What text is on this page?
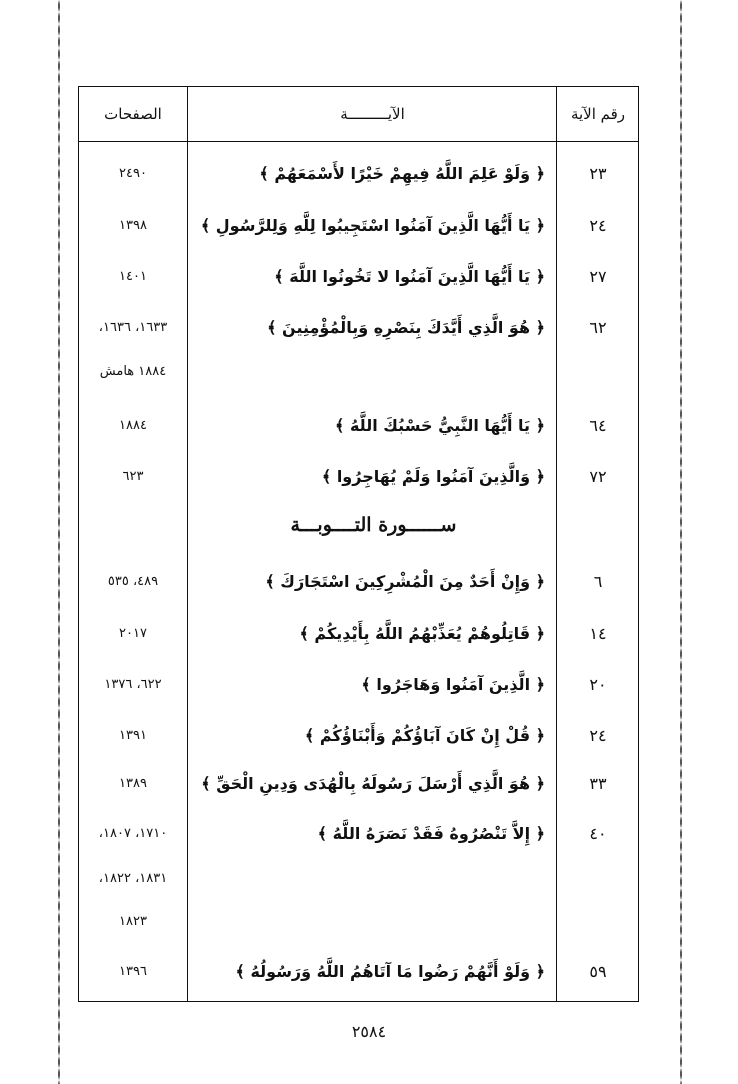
رقم الآية
الآيـــــــــة
الصفحات
٢٣
﴿ وَلَوْ عَلِمَ اللَّهُ فِيهِمْ خَيْرًا لأَسْمَعَهُمْ ﴾
٢٤٩٠
٢٤
﴿ يَا أَيُّهَا الَّذِينَ آمَنُوا اسْتَجِيبُوا لِلَّهِ وَلِلرَّسُولِ ﴾
١٣٩٨
٢٧
﴿ يَا أَيُّهَا الَّذِينَ آمَنُوا لا تَخُونُوا اللَّهَ ﴾
١٤٠١
٦٢
﴿ هُوَ الَّذِي أَيَّدَكَ بِنَصْرِهِ وَبِالْمُؤْمِنِينَ ﴾
١٦٣٣، ١٦٣٦،
١٨٨٤ هامش
٦٤
﴿ يَا أَيُّهَا النَّبِيُّ حَسْبُكَ اللَّهُ ﴾
١٨٨٤
٧٢
﴿ وَالَّذِينَ آمَنُوا وَلَمْ يُهَاجِرُوا ﴾
٦٢٣
ســــــورة التــــوبـــة
٦
﴿ وَإِنْ أَحَدٌ مِنَ الْمُشْرِكِينَ اسْتَجَارَكَ ﴾
٤٨٩، ٥٣٥
١٤
﴿ قَاتِلُوهُمْ يُعَذِّبْهُمُ اللَّهُ بِأَيْدِيكُمْ ﴾
٢٠١٧
٢٠
﴿ الَّذِينَ آمَنُوا وَهَاجَرُوا ﴾
٦٢٢، ١٣٧٦
٢٤
﴿ قُلْ إِنْ كَانَ آبَاؤُكُمْ وَأَبْنَاؤُكُمْ ﴾
١٣٩١
٣٣
﴿ هُوَ الَّذِي أَرْسَلَ رَسُولَهُ بِالْهُدَى وَدِينِ الْحَقِّ ﴾
١٣٨٩
٤٠
﴿ إِلاَّ تَنْصُرُوهُ فَقَدْ نَصَرَهُ اللَّهُ ﴾
١٧١٠، ١٨٠٧،
١٨٣١، ١٨٢٢،
١٨٢٣
٥٩
﴿ وَلَوْ أَنَّهُمْ رَضُوا مَا آتَاهُمُ اللَّهُ وَرَسُولُهُ ﴾
١٣٩٦
٢٥٨٤
